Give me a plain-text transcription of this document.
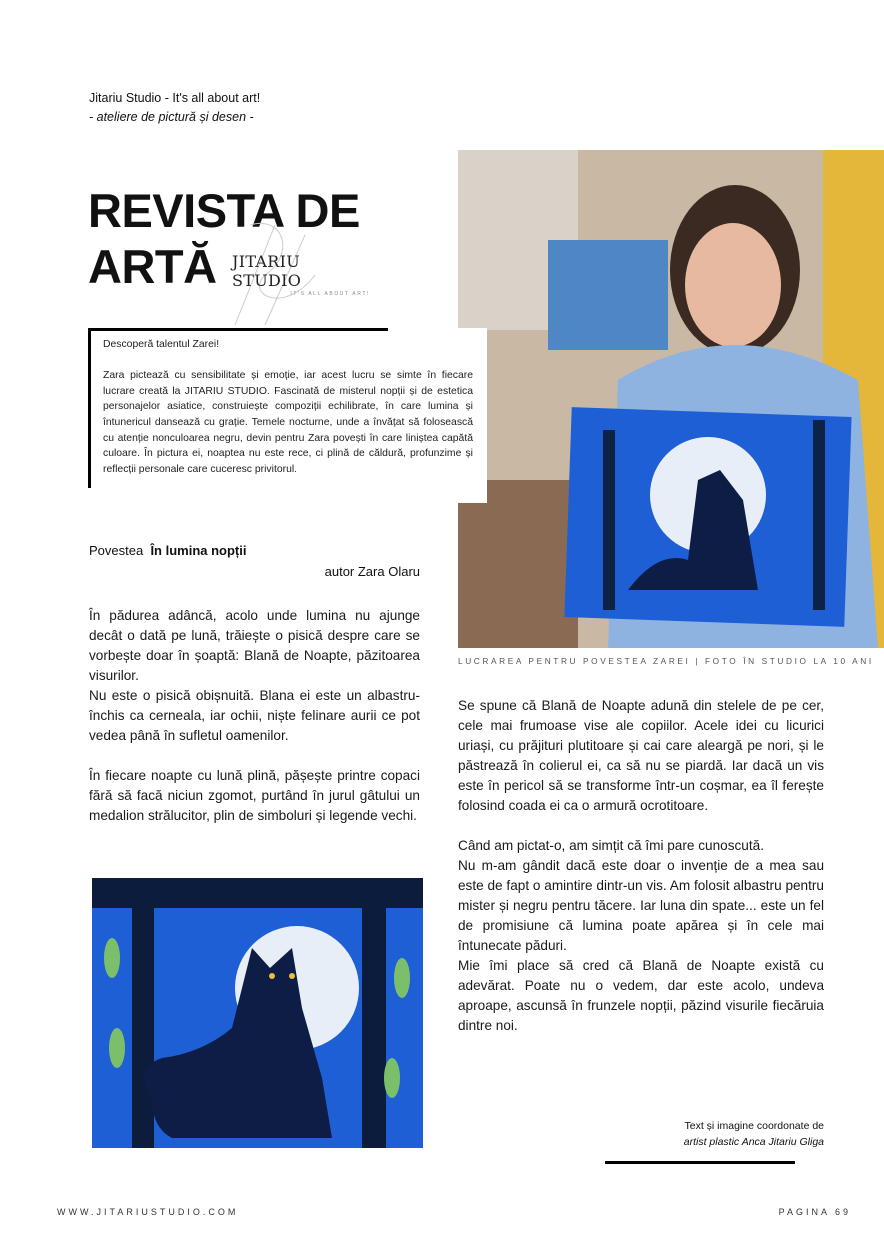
Jitariu Studio - It's all about art!
- ateliere de pictură și desen -
REVISTA DE
ARTĂ JITARIU STUDIO
IT'S ALL ABOUT ART!
Descoperă talentul Zarei!
Zara pictează cu sensibilitate și emoție, iar acest lucru se simte în fiecare lucrare creată la JITARIU STUDIO. Fascinată de misterul nopții și de estetica personajelor asiatice, construiește compoziții echilibrate, în care lumina și întunericul dansează cu grație. Temele nocturne, unde a învățat să folosească cu atenție nonculoarea negru, devin pentru Zara povești în care liniștea capătă culoare. În pictura ei, noaptea nu este rece, ci plină de căldură, profunzime și reflecții personale care cuceresc privitorul.
Povestea În lumina nopții
autor Zara Olaru

În pădurea adâncă, acolo unde lumina nu ajunge decât o dată pe lună, trăiește o pisică despre care se vorbește doar în șoaptă: Blană de Noapte, păzitoarea visurilor.

Nu este o pisică obișnuită. Blana ei este un albastru-închis ca cerneala, iar ochii, niște felinare aurii ce pot vedea până în sufletul oamenilor.

În fiecare noapte cu lună plină, pășește printre copaci fără să facă niciun zgomot, purtând în jurul gâtului un medalion strălucitor, plin de simboluri și legende vechi.

LUCRAREA PENTRU POVESTEA ZAREI | FOTO ÎN STUDIO LA 10 ANI

Se spune că Blană de Noapte adună din stelele de pe cer, cele mai frumoase vise ale copiilor. Acele idei cu licurici uriași, cu prăjituri plutitoare și cai care aleargă pe nori, și le păstrează în colierul ei, ca să nu se piardă. Iar dacă un vis este în pericol să se transforme într-un coșmar, ea îl ferește folosind coada ei ca o armură ocrotitoare.

Când am pictat-o, am simțit că îmi pare cunoscută.

Nu m-am gândit dacă este doar o invenție de a mea sau este de fapt o amintire dintr-un vis. Am folosit albastru pentru mister și negru pentru tăcere. Iar luna din spate... este un fel de promisiune că lumina poate apărea și în cele mai întunecate păduri.

Mie îmi place să cred că Blană de Noapte există cu adevărat. Poate nu o vedem, dar este acolo, undeva aproape, ascunsă în frunzele nopții, păzind visurile fiecăruia dintre noi.

Text și imagine coordonate de
artist plastic Anca Jitariu Gliga
WWW.JITARIUSTUDIO.COM	PAGINA 69
